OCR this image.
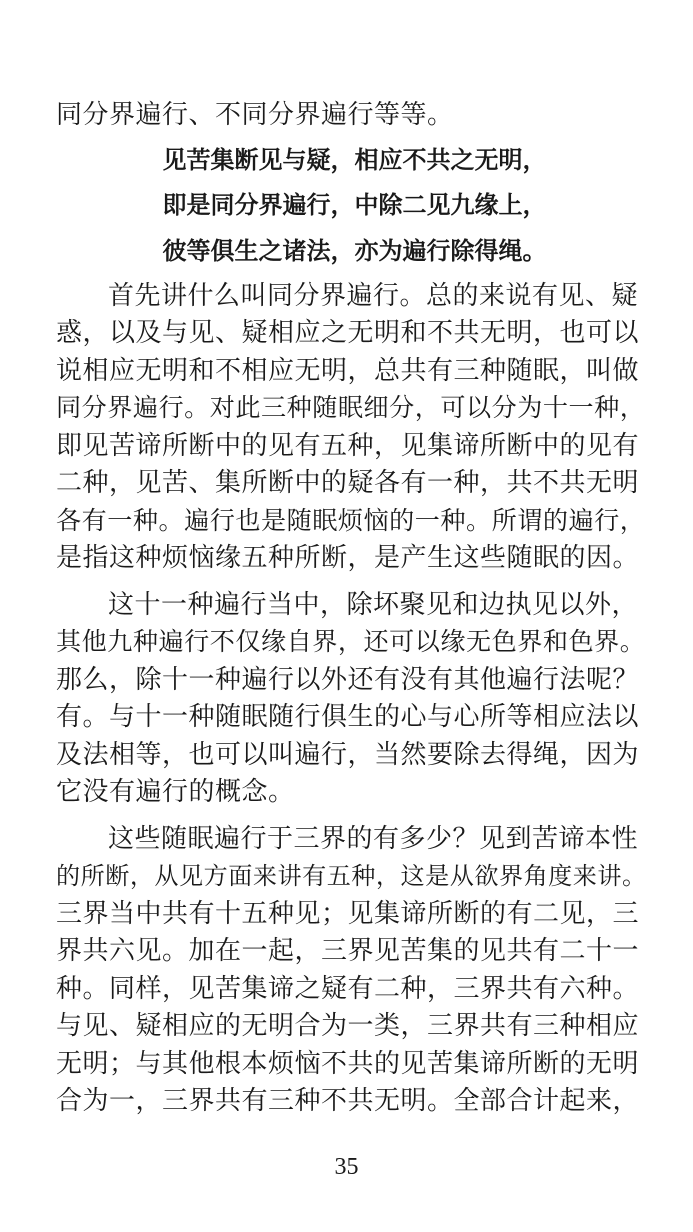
同分界遍行、不同分界遍行等等。
见苦集断见与疑，相应不共之无明，
即是同分界遍行，中除二见九缘上，
彼等俱生之诸法，亦为遍行除得绳。
首先讲什么叫同分界遍行。总的来说有见、疑
惑，以及与见、疑相应之无明和不共无明，也可以
说相应无明和不相应无明，总共有三种随眠，叫做
同分界遍行。对此三种随眠细分，可以分为十一种，
即见苦谛所断中的见有五种，见集谛所断中的见有
二种，见苦、集所断中的疑各有一种，共不共无明
各有一种。遍行也是随眠烦恼的一种。所谓的遍行，
是指这种烦恼缘五种所断，是产生这些随眠的因。
这十一种遍行当中，除坏聚见和边执见以外，
其他九种遍行不仅缘自界，还可以缘无色界和色界。
那么，除十一种遍行以外还有没有其他遍行法呢？
有。与十一种随眠随行俱生的心与心所等相应法以
及法相等，也可以叫遍行，当然要除去得绳，因为
它没有遍行的概念。
这些随眠遍行于三界的有多少？见到苦谛本性
的所断，从见方面来讲有五种，这是从欲界角度来讲。
三界当中共有十五种见；见集谛所断的有二见，三
界共六见。加在一起，三界见苦集的见共有二十一
种。同样，见苦集谛之疑有二种，三界共有六种。
与见、疑相应的无明合为一类，三界共有三种相应
无明；与其他根本烦恼不共的见苦集谛所断的无明
合为一，三界共有三种不共无明。全部合计起来，
35
